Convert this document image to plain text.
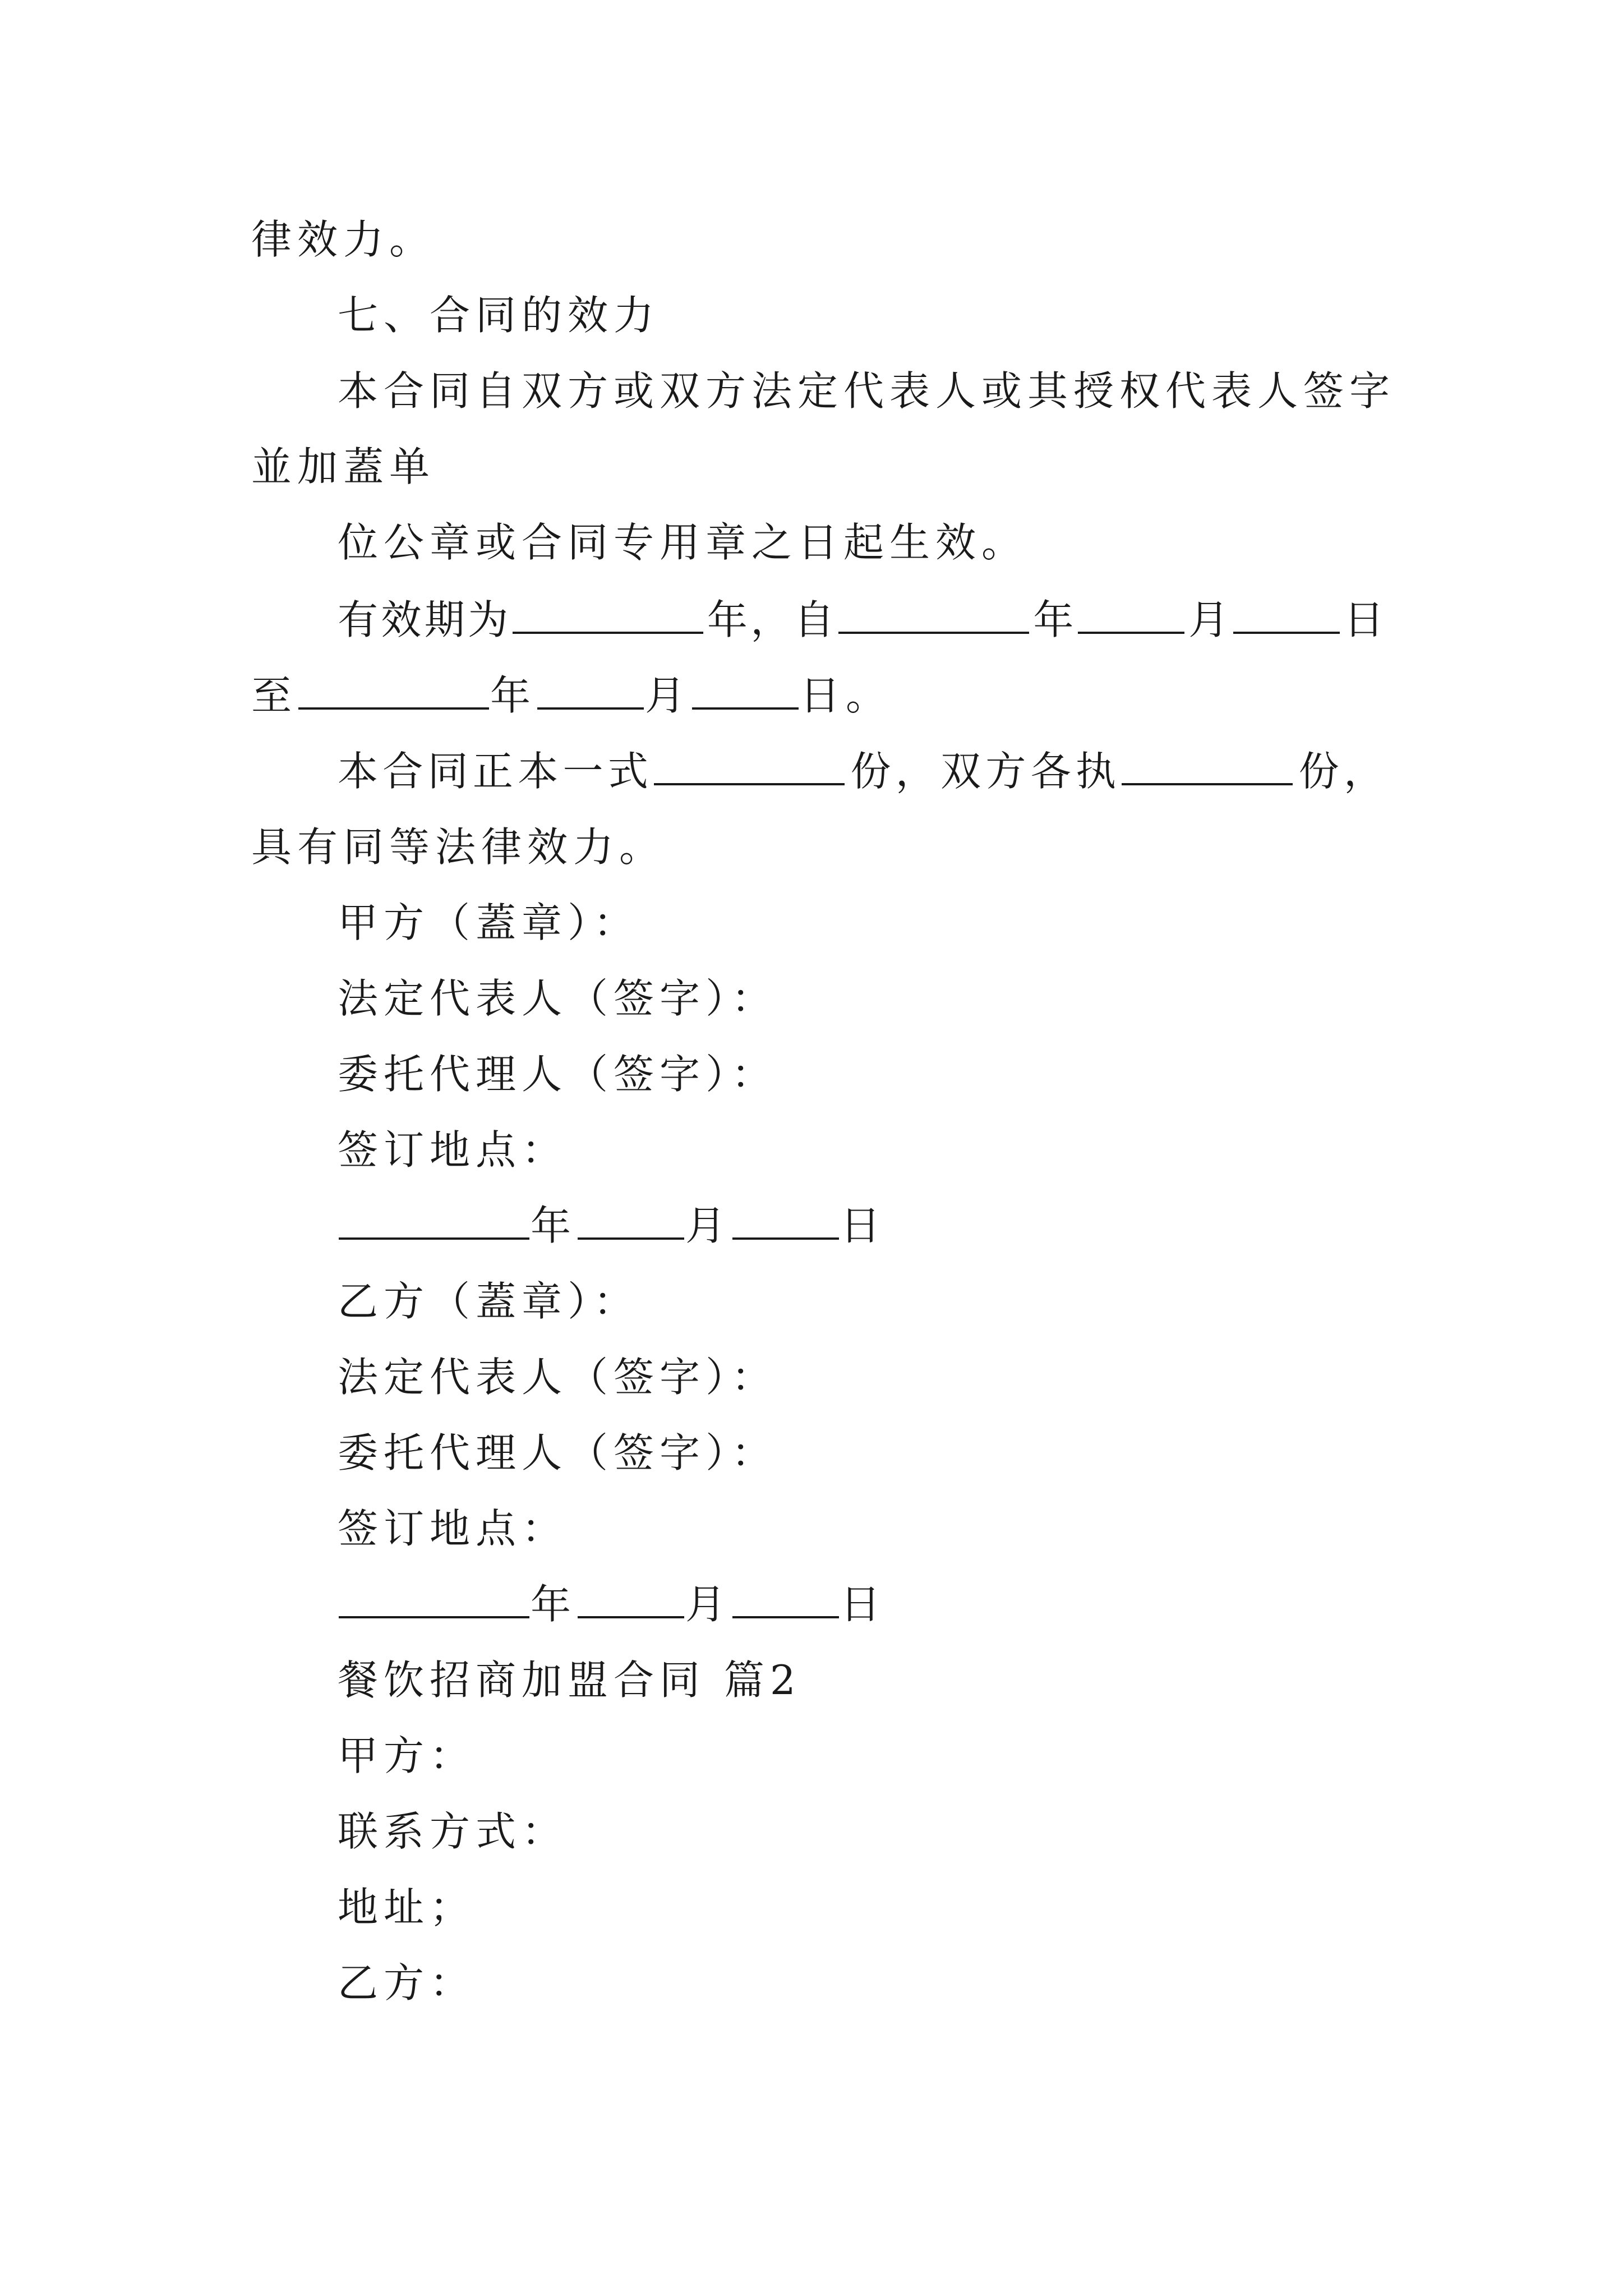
律效力。
七、合同的效力
本合同自双方或双方法定代表人或其授权代表人签字
並加蓋单
位公章或合同专用章之日起生效。
有效期为	年，自	年	月	日
至	年	月	日。
本合同正本一式	份，双方各执	份，
具有同等法律效力。
甲方（蓋章）：
法定代表人（签字）：
委托代理人（签字）：
签订地点：
年	月	日
乙方（蓋章）：
法定代表人（签字）：
委托代理人（签字）：
签订地点：
年	月	日
餐饮招商加盟合同 篇2
甲方：
联系方式：
地址；
乙方：
